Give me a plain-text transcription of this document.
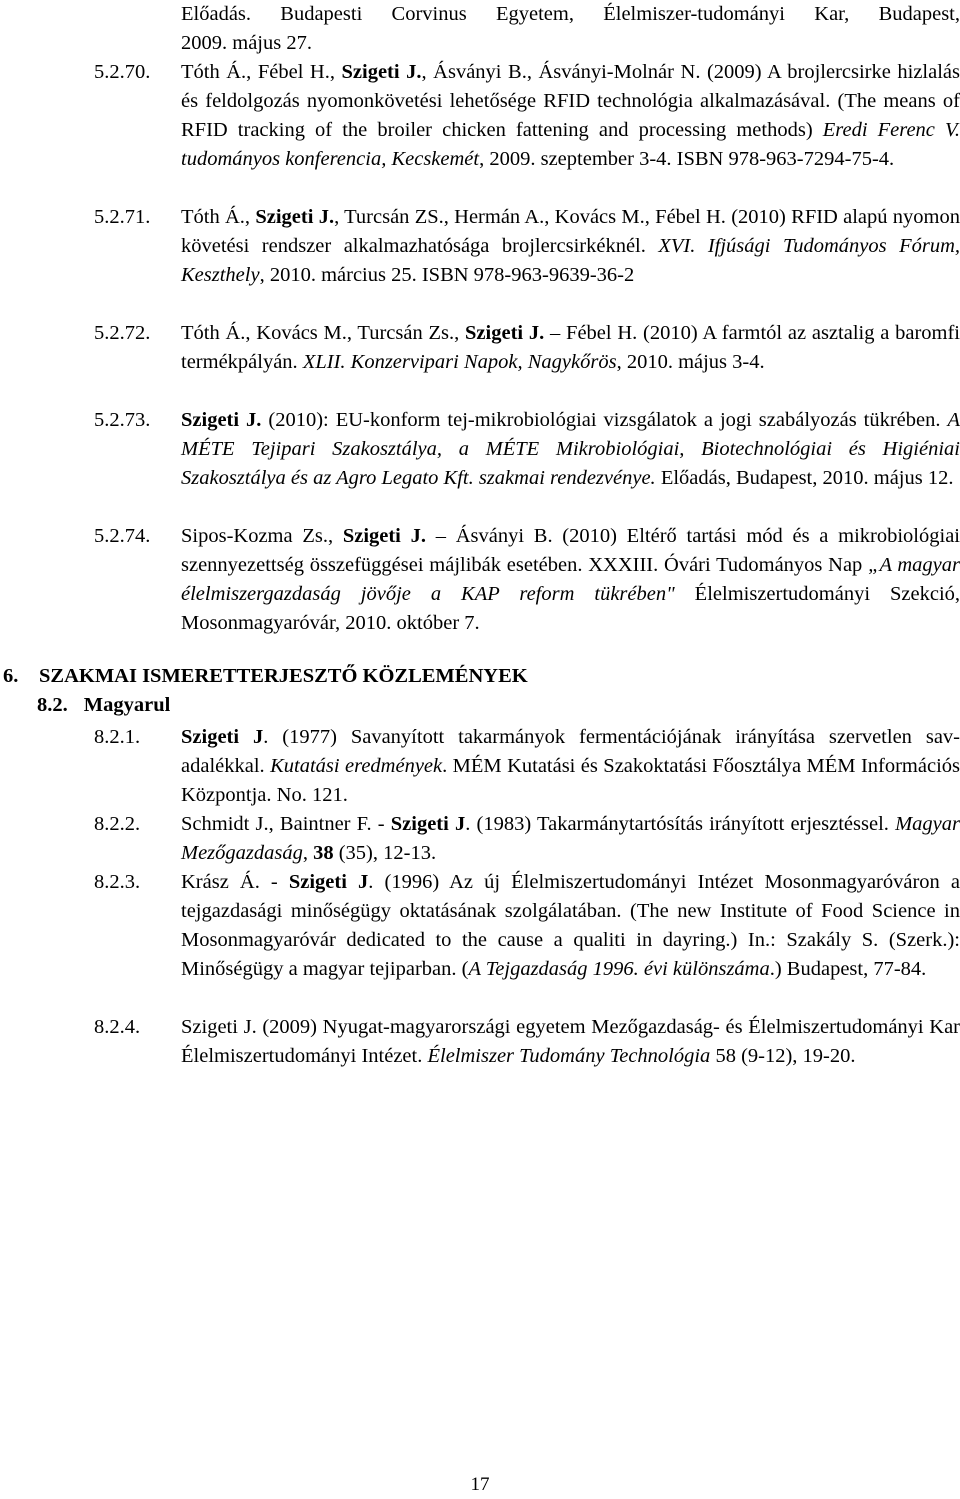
Előadás. Budapesti Corvinus Egyetem, Élelmiszer-tudományi Kar, Budapest,
2009. május 27.
5.2.70. Tóth Á., Fébel H., Szigeti J., Ásványi B., Ásványi-Molnár N. (2009) A brojlercsirke hizlalás és feldolgozás nyomonkövetési lehetősége RFID technológia alkalmazásával. (The means of RFID tracking of the broiler chicken fattening and processing methods) Eredi Ferenc V. tudományos konferencia, Kecskemét, 2009. szeptember 3-4. ISBN 978-963-7294-75-4.
5.2.71. Tóth Á., Szigeti J., Turcsán ZS., Hermán A., Kovács M., Fébel H. (2010) RFID alapú nyomon követési rendszer alkalmazhatósága brojlercsirkéknél. XVI. Ifjúsági Tudományos Fórum, Keszthely, 2010. március 25. ISBN 978-963-9639-36-2
5.2.72. Tóth Á., Kovács M., Turcsán Zs., Szigeti J. – Fébel H. (2010) A farmtól az asztalig a baromfi termékpályán. XLII. Konzervipari Napok, Nagykőrös, 2010. május 3-4.
5.2.73. Szigeti J. (2010): EU-konform tej-mikrobiológiai vizsgálatok a jogi szabályozás tükrében. A MÉTE Tejipari Szakosztálya, a MÉTE Mikrobiológiai, Biotechnológiai és Higiéniai Szakosztálya és az Agro Legato Kft. szakmai rendezvénye. Előadás, Budapest, 2010. május 12.
5.2.74. Sipos-Kozma Zs., Szigeti J. – Ásványi B. (2010) Eltérő tartási mód és a mikrobiológiai szennyezettség összefüggései májlibák esetében. XXXIII. Óvári Tudományos Nap „A magyar élelmiszergazdaság jövője a KAP reform tükrében" Élelmiszertudományi Szekció, Mosonmagyaróvár, 2010. október 7.
6. SZAKMAI ISMERETTERJESZTŐ KÖZLEMÉNYEK
8.2. Magyarul
8.2.1. Szigeti J. (1977) Savanyított takarmányok fermentációjának irányítása szervetlen sav-adalékkal. Kutatási eredmények. MÉM Kutatási és Szakoktatási Főosztálya MÉM Információs Központja. No. 121.
8.2.2. Schmidt J., Baintner F. - Szigeti J. (1983) Takarmánytartósítás irányított erjesztéssel. Magyar Mezőgazdaság, 38 (35), 12-13.
8.2.3. Krász Á. - Szigeti J. (1996) Az új Élelmiszertudományi Intézet Mosonmagyaróváron a tejgazdasági minőségügy oktatásának szolgálatában. (The new Institute of Food Science in Mosonmagyaróvár dedicated to the cause a qualiti in dayring.) In.: Szakály S. (Szerk.): Minőségügy a magyar tejiparban. (A Tejgazdaság 1996. évi különszáma.) Budapest, 77-84.
8.2.4. Szigeti J. (2009) Nyugat-magyarországi egyetem Mezőgazdaság- és Élelmiszertudományi Kar Élelmiszertudományi Intézet. Élelmiszer Tudomány Technológia 58 (9-12), 19-20.
17
